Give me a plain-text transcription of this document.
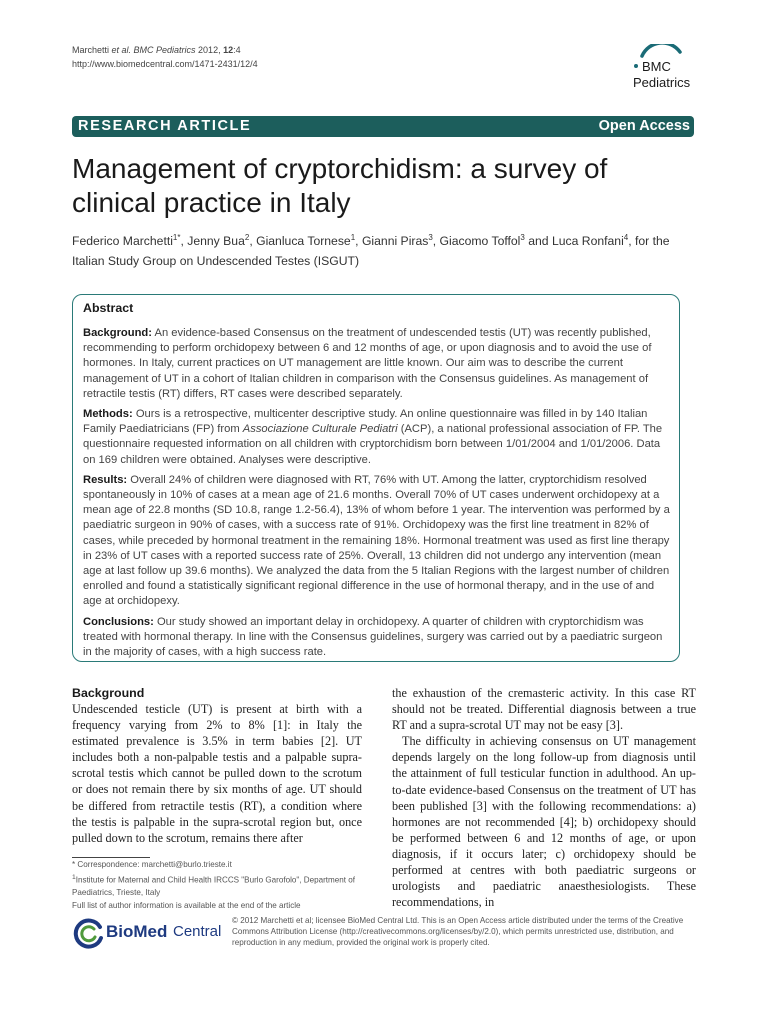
Marchetti et al. BMC Pediatrics 2012, 12:4
http://www.biomedcentral.com/1471-2431/12/4	BMC
Pediatrics
RESEARCH ARTICLE	Open Access
Management of cryptorchidism: a survey of clinical practice in Italy
Federico Marchetti$^{1*}$, Jenny Bua$^2$, Gianluca Tornese$^1$, Gianni Piras$^3$, Giacomo Toffol$^3$ and Luca Ronfani$^4$, for the Italian Study Group on Undescended Testes (ISGUT)
Abstract

Background: An evidence-based Consensus on the treatment of undescended testis (UT) was recently published, recommending to perform orchidopexy between 6 and 12 months of age, or upon diagnosis and to avoid the use of hormones. In Italy, current practices on UT management are little known. Our aim was to describe the current management of UT in a cohort of Italian children in comparison with the Consensus guidelines. As management of retractile testis (RT) differs, RT cases were described separately.

Methods: Ours is a retrospective, multicenter descriptive study. An online questionnaire was filled in by 140 Italian Family Paediatricians (FP) from Associazione Culturale Pediatri (ACP), a national professional association of FP. The questionnaire requested information on all children with cryptorchidism born between 1/01/2004 and 1/01/2006. Data on 169 children were obtained. Analyses were descriptive.

Results: Overall 24% of children were diagnosed with RT, 76% with UT. Among the latter, cryptorchidism resolved spontaneously in 10% of cases at a mean age of 21.6 months. Overall 70% of UT cases underwent orchidopexy at a mean age of 22.8 months (SD 10.8, range 1.2-56.4), 13% of whom before 1 year. The intervention was performed by a paediatric surgeon in 90% of cases, with a success rate of 91%. Orchidopexy was the first line treatment in 82% of cases, while preceded by hormonal treatment in the remaining 18%. Hormonal treatment was used as first line therapy in 23% of UT cases with a reported success rate of 25%. Overall, 13 children did not undergo any intervention (mean age at last follow up 39.6 months). We analyzed the data from the 5 Italian Regions with the largest number of children enrolled and found a statistically significant regional difference in the use of hormonal therapy, and in the use of and age at orchidopexy.

Conclusions: Our study showed an important delay in orchidopexy. A quarter of children with cryptorchidism was treated with hormonal therapy. In line with the Consensus guidelines, surgery was carried out by a paediatric surgeon in the majority of cases, with a high success rate.

Background

Undescended testicle (UT) is present at birth with a frequency varying from 2% to 8% [1]: in Italy the estimated prevalence is 3.5% in term babies [2]. UT includes both a non-palpable testis and a palpable supra-scrotal testis which cannot be pulled down to the scrotum or does not remain there by six months of age. UT should be differed from retractile testis (RT), a condition where the testis is palpable in the supra-scrotal region but, once pulled down to the scrotum, remains there after

the exhaustion of the cremasteric activity. In this case RT should not be treated. Differential diagnosis between a true RT and a supra-scrotal UT may not be easy [3].

The difficulty in achieving consensus on UT management depends largely on the long follow-up from diagnosis until the attainment of full testicular function in adulthood. An up-to-date evidence-based Consensus on the treatment of UT has been published [3] with the following recommendations: a) hormones are not recommended [4]; b) orchidopexy should be performed between 6 and 12 months of age, or upon diagnosis, if it occurs later; c) orchidopexy should be performed at centres with both paediatric surgeons or urologists and paediatric anaesthesiologists. These recommendations, in

* Correspondence: marchetti@burlo.trieste.it

$^1$Institute for Maternal and Child Health IRCCS "Burlo Garofolo", Department of Paediatrics, Trieste, Italy

Full list of author information is available at the end of the article

BioMed Central
© 2012 Marchetti et al; licensee BioMed Central Ltd. This is an Open Access article distributed under the terms of the Creative Commons Attribution License (http://creativecommons.org/licenses/by/2.0), which permits unrestricted use, distribution, and reproduction in any medium, provided the original work is properly cited.
